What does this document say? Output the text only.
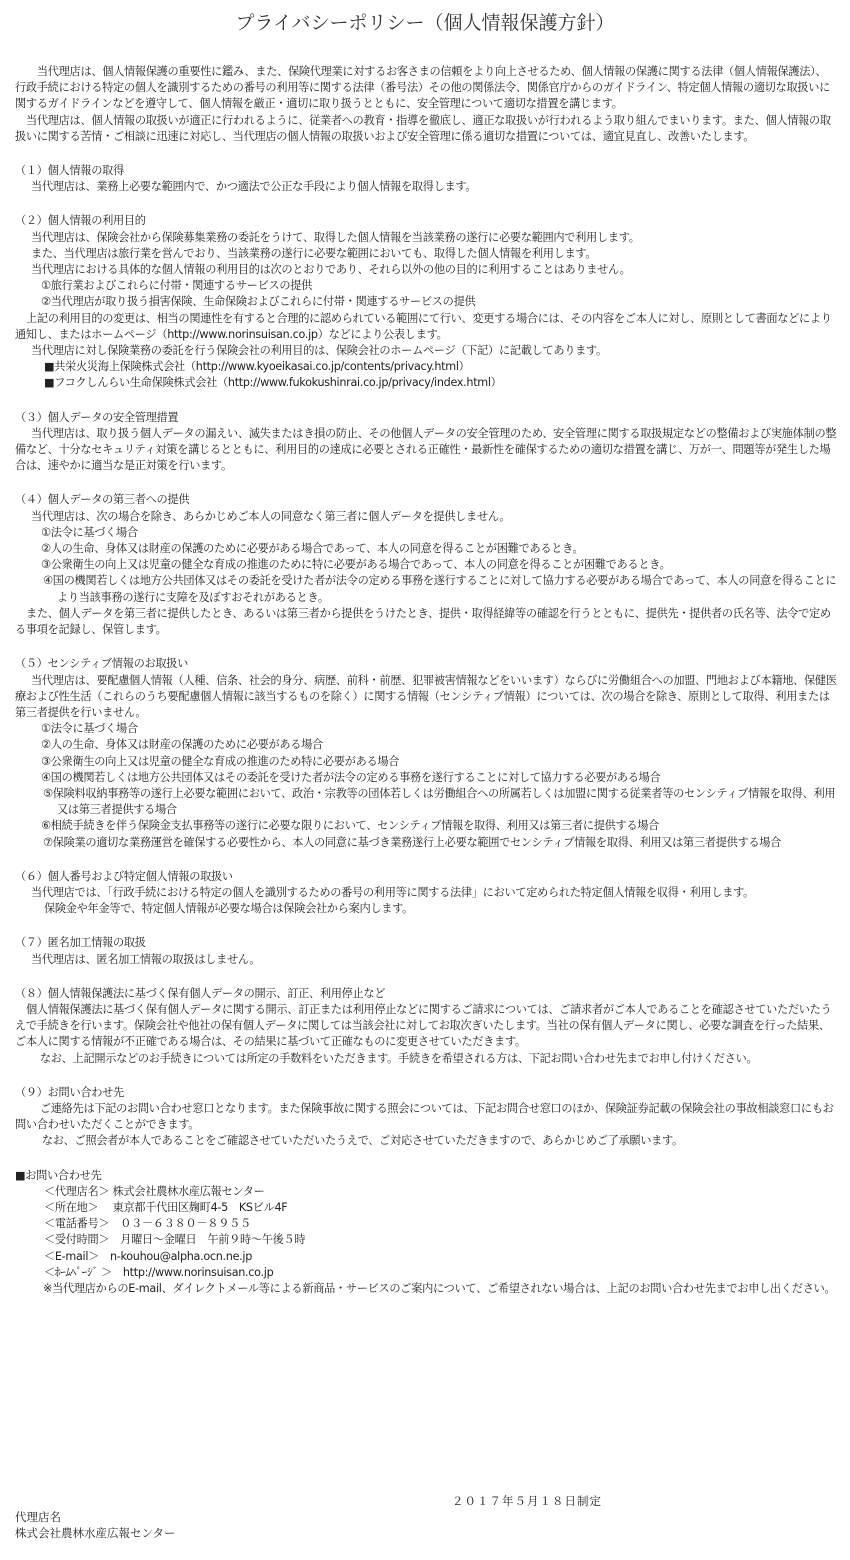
プライバシーポリシー（個人情報保護方針）

　当代理店は、個人情報保護の重要性に鑑み、また、保険代理業に対するお客さまの信頼をより向上させるため、個人情報の保護に関する法律（個人情報保護法）、行政手続における特定の個人を識別するための番号の利用等に関する法律（番号法）その他の関係法令、関係官庁からのガイドライン、特定個人情報の適切な取扱いに関するガイドラインなどを遵守して、個人情報を厳正・適切に取り扱うとともに、安全管理について適切な措置を講じます。

当代理店は、個人情報の取扱いが適正に行われるように、従業者への教育・指導を徹底し、適正な取扱いが行われるよう取り組んでまいります。また、個人情報の取扱いに関する苦情・ご相談に迅速に対応し、当代理店の個人情報の取扱いおよび安全管理に係る適切な措置については、適宜見直し、改善いたします。

（１）個人情報の取得

当代理店は、業務上必要な範囲内で、かつ適法で公正な手段により個人情報を取得します。

（２）個人情報の利用目的

当代理店は、保険会社から保険募集業務の委託をうけて、取得した個人情報を当該業務の遂行に必要な範囲内で利用します。

また、当代理店は旅行業を営んでおり、当該業務の遂行に必要な範囲においても、取得した個人情報を利用します。

当代理店における具体的な個人情報の利用目的は次のとおりであり、それら以外の他の目的に利用することはありません。

①旅行業およびこれらに付帯・関連するサービスの提供

②当代理店が取り扱う損害保険、生命保険およびこれらに付帯・関連するサービスの提供

上記の利用目的の変更は、相当の関連性を有すると合理的に認められている範囲にて行い、変更する場合には、その内容をご本人に対し、原則として書面などにより通知し、またはホームページ（http://www.norinsuisan.co.jp）などにより公表します。

当代理店に対し保険業務の委託を行う保険会社の利用目的は、保険会社のホームページ（下記）に記載してあります。

■共栄火災海上保険株式会社（http://www.kyoeikasai.co.jp/contents/privacy.html）

■フコクしんらい生命保険株式会社（http://www.fukokushinrai.co.jp/privacy/index.html）

（３）個人データの安全管理措置

当代理店は、取り扱う個人データの漏えい、滅失またはき損の防止、その他個人データの安全管理のため、安全管理に関する取扱規定などの整備および実施体制の整備など、十分なセキュリティ対策を講じるとともに、利用目的の達成に必要とされる正確性・最新性を確保するための適切な措置を講じ、万が一、問題等が発生した場合は、速やかに適当な是正対策を行います。

（４）個人データの第三者への提供

当代理店は、次の場合を除き、あらかじめご本人の同意なく第三者に個人データを提供しません。

①法令に基づく場合

②人の生命、身体又は財産の保護のために必要がある場合であって、本人の同意を得ることが困難であるとき。

③公衆衛生の向上又は児童の健全な育成の推進のために特に必要がある場合であって、本人の同意を得ることが困難であるとき。

④国の機関若しくは地方公共団体又はその委託を受けた者が法令の定める事務を遂行することに対して協力する必要がある場合であって、本人の同意を得ることにより当該事務の遂行に支障を及ぼすおそれがあるとき。

また、個人データを第三者に提供したとき、あるいは第三者から提供をうけたとき、提供・取得経緯等の確認を行うとともに、提供先・提供者の氏名等、法令で定める事項を記録し、保管します。

（５）センシティブ情報のお取扱い

当代理店は、要配慮個人情報（人種、信条、社会的身分、病歴、前科・前歴、犯罪被害情報などをいいます）ならびに労働組合への加盟、門地および本籍地、保健医療および性生活（これらのうち要配慮個人情報に該当するものを除く）に関する情報（センシティブ情報）については、次の場合を除き、原則として取得、利用または第三者提供を行いません。

①法令に基づく場合

②人の生命、身体又は財産の保護のために必要がある場合

③公衆衛生の向上又は児童の健全な育成の推進のため特に必要がある場合

④国の機関若しくは地方公共団体又はその委託を受けた者が法令の定める事務を遂行することに対して協力する必要がある場合

⑤保険料収納事務等の遂行上必要な範囲において、政治・宗教等の団体若しくは労働組合への所属若しくは加盟に関する従業者等のセンシティブ情報を取得、利用又は第三者提供する場合

⑥相続手続きを伴う保険金支払事務等の遂行に必要な限りにおいて、センシティブ情報を取得、利用又は第三者に提供する場合

⑦保険業の適切な業務運営を確保する必要性から、本人の同意に基づき業務遂行上必要な範囲でセンシティブ情報を取得、利用又は第三者提供する場合

（６）個人番号および特定個人情報の取扱い

当代理店では、「行政手続における特定の個人を識別するための番号の利用等に関する法律」において定められた特定個人情報を収得・利用します。

保険金や年金等で、特定個人情報が必要な場合は保険会社から案内します。

（７）匿名加工情報の取扱

当代理店は、匿名加工情報の取扱はしません。

（８）個人情報保護法に基づく保有個人データの開示、訂正、利用停止など

個人情報保護法に基づく保有個人データに関する開示、訂正または利用停止などに関するご請求については、ご請求者がご本人であることを確認させていただいたうえで手続きを行います。保険会社や他社の保有個人データに関しては当該会社に対してお取次ぎいたします。当社の保有個人データに関し、必要な調査を行った結果、ご本人に関する情報が不正確である場合は、その結果に基づいて正確なものに変更させていただきます。

　なお、上記開示などのお手続きについては所定の手数料をいただきます。手続きを希望される方は、下記お問い合わせ先までお申し付けください。

（９）お問い合わせ先

　ご連絡先は下記のお問い合わせ窓口となります。また保険事故に関する照会については、下記お問合せ窓口のほか、保険証券記載の保険会社の事故相談窓口にもお問い合わせいただくことができます。

　なお、ご照会者が本人であることをご確認させていただいたうえで、ご対応させていただきますので、あらかじめご了承願います。

■お問い合わせ先

＜代理店名＞ 株式会社農林水産広報センター

＜所在地＞　 東京都千代田区麹町4-5　KSビル4F

＜電話番号＞　０３－６３８０－８９５５

＜受付時間＞　月曜日～金曜日　午前９時～午後５時

＜E-mail＞　n-kouhou@alpha.ocn.ne.jp

＜ﾎｰﾑﾍﾟｰｼﾞ ＞　http://www.norinsuisan.co.jp

※当代理店からのE-mail、ダイレクトメール等による新商品・サービスのご案内について、ご希望されない場合は、上記のお問い合わせ先までお申し出ください。

２０１７年５月１８日制定

代理店名

株式会社農林水産広報センター
